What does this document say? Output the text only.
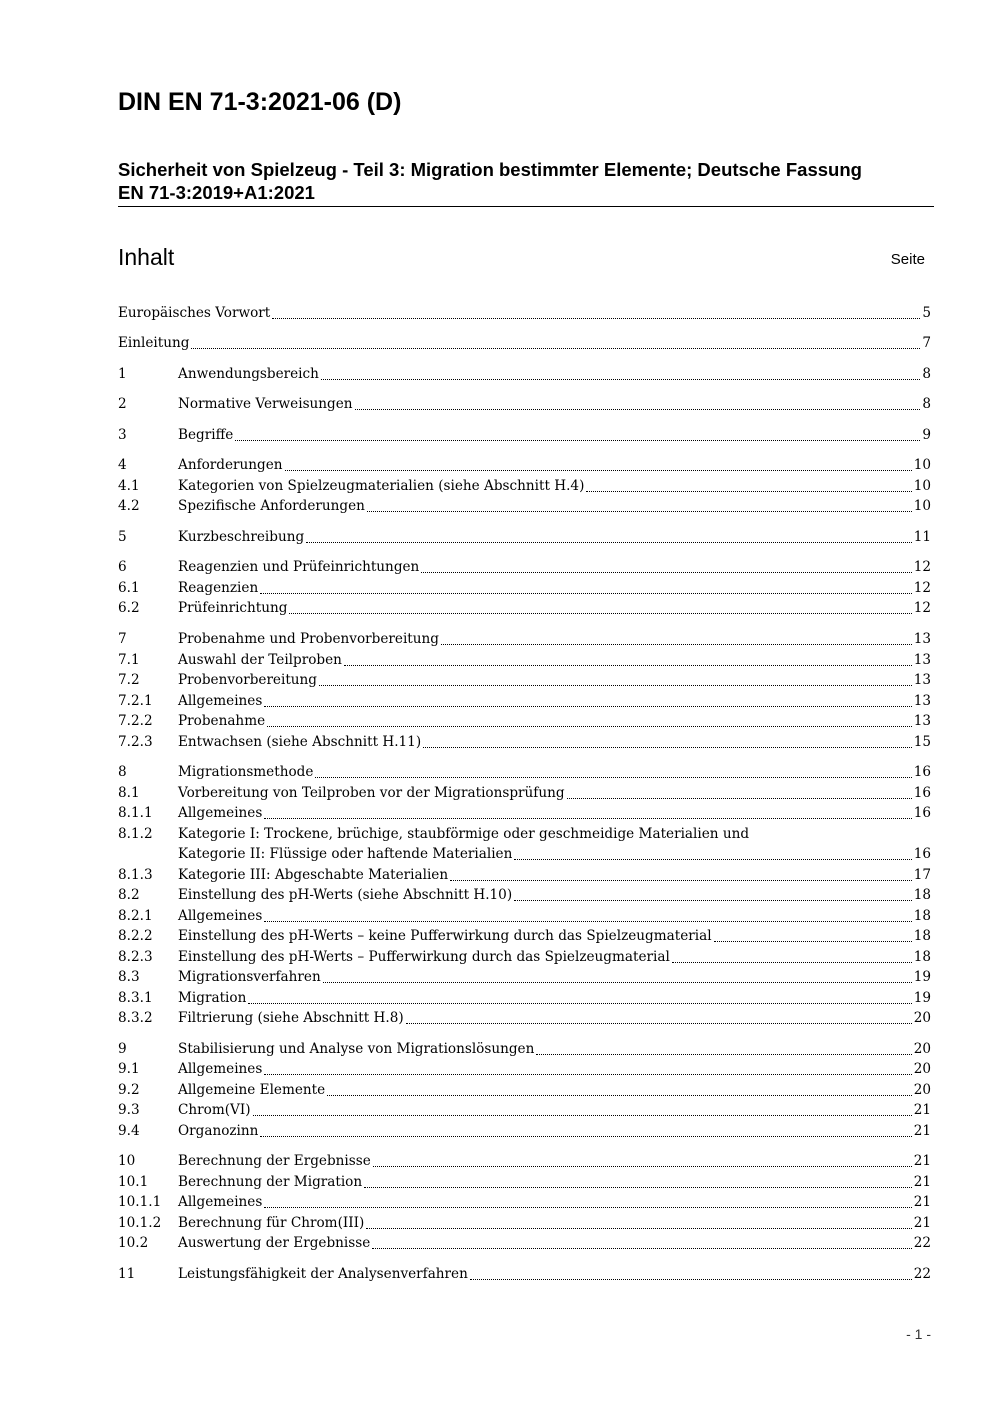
DIN EN 71-3:2021-06 (D)
Sicherheit von Spielzeug - Teil 3: Migration bestimmter Elemente; Deutsche Fassung
EN 71-3:2019+A1:2021
Inhalt	Seite
Europäisches Vorwort	5
Einleitung	7
1	Anwendungsbereich	8
2	Normative Verweisungen	8
3	Begriffe	9
4	Anforderungen	10
4.1	Kategorien von Spielzeugmaterialien (siehe Abschnitt H.4)	10
4.2	Spezifische Anforderungen	10
5	Kurzbeschreibung	11
6	Reagenzien und Prüfeinrichtungen	12
6.1	Reagenzien	12
6.2	Prüfeinrichtung	12
7	Probenahme und Probenvorbereitung	13
7.1	Auswahl der Teilproben	13
7.2	Probenvorbereitung	13
7.2.1	Allgemeines	13
7.2.2	Probenahme	13
7.2.3	Entwachsen (siehe Abschnitt H.11)	15
8	Migrationsmethode	16
8.1	Vorbereitung von Teilproben vor der Migrationsprüfung	16
8.1.1	Allgemeines	16
8.1.2	Kategorie I: Trockene, brüchige, staubförmige oder geschmeidige Materialien und
Kategorie II: Flüssige oder haftende Materialien	16
8.1.3	Kategorie III: Abgeschabte Materialien	17
8.2	Einstellung des pH-Werts (siehe Abschnitt H.10)	18
8.2.1	Allgemeines	18
8.2.2	Einstellung des pH-Werts – keine Pufferwirkung durch das Spielzeugmaterial	18
8.2.3	Einstellung des pH-Werts – Pufferwirkung durch das Spielzeugmaterial	18
8.3	Migrationsverfahren	19
8.3.1	Migration	19
8.3.2	Filtrierung (siehe Abschnitt H.8)	20
9	Stabilisierung und Analyse von Migrationslösungen	20
9.1	Allgemeines	20
9.2	Allgemeine Elemente	20
9.3	Chrom(VI)	21
9.4	Organozinn	21
10	Berechnung der Ergebnisse	21
10.1	Berechnung der Migration	21
10.1.1	Allgemeines	21
10.1.2	Berechnung für Chrom(III)	21
10.2	Auswertung der Ergebnisse	22
11	Leistungsfähigkeit der Analysenverfahren	22
- 1 -
